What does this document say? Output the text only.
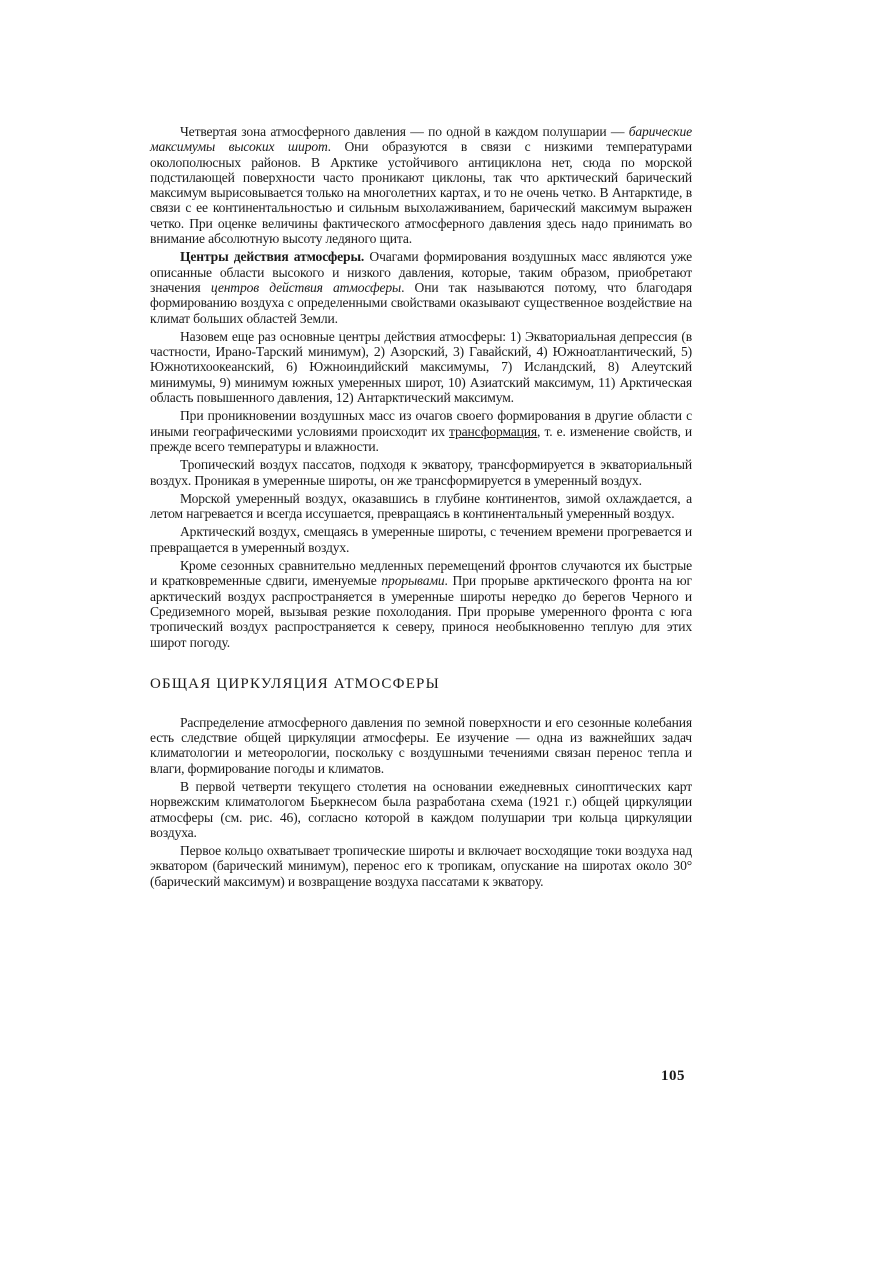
Четвертая зона атмосферного давления — по одной в каждом полушарии — барические максимумы высоких широт. Они образуются в связи с низкими температурами околополюсных районов. В Арктике устойчивого антициклона нет, сюда по морской подстилающей поверхности часто проникают циклоны, так что арктический барический максимум вырисовывается только на многолетних картах, и то не очень четко. В Антарктиде, в связи с ее континентальностью и сильным выхолаживанием, барический максимум выражен четко. При оценке величины фактического атмосферного давления здесь надо принимать во внимание абсолютную высоту ледяного щита.

Центры действия атмосферы. Очагами формирования воздушных масс являются уже описанные области высокого и низкого давления, которые, таким образом, приобретают значения центров действия атмосферы. Они так называются потому, что благодаря формированию воздуха с определенными свойствами оказывают существенное воздействие на климат больших областей Земли.

Назовем еще раз основные центры действия атмосферы: 1) Экваториальная депрессия (в частности, Ирано-Тарский минимум), 2) Азорский, 3) Гавайский, 4) Южноатлантический, 5) Южнотихоокеанский, 6) Южноиндийский максимумы, 7) Исландский, 8) Алеутский минимумы, 9) минимум южных умеренных широт, 10) Азиатский максимум, 11) Арктическая область повышенного давления, 12) Антарктический максимум.

При проникновении воздушных масс из очагов своего формирования в другие области с иными географическими условиями происходит их трансформация, т. е. изменение свойств, и прежде всего температуры и влажности.

Тропический воздух пассатов, подходя к экватору, трансформируется в экваториальный воздух. Проникая в умеренные широты, он же трансформируется в умеренный воздух.

Морской умеренный воздух, оказавшись в глубине континентов, зимой охлаждается, а летом нагревается и всегда иссушается, превращаясь в континентальный умеренный воздух.

Арктический воздух, смещаясь в умеренные широты, с течением времени прогревается и превращается в умеренный воздух.

Кроме сезонных сравнительно медленных перемещений фронтов случаются их быстрые и кратковременные сдвиги, именуемые прорывами. При прорыве арктического фронта на юг арктический воздух распространяется в умеренные широты нередко до берегов Черного и Средиземного морей, вызывая резкие похолодания. При прорыве умеренного фронта с юга тропический воздух распространяется к северу, принося необыкновенно теплую для этих широт погоду.

ОБЩАЯ ЦИРКУЛЯЦИЯ АТМОСФЕРЫ

Распределение атмосферного давления по земной поверхности и его сезонные колебания есть следствие общей циркуляции атмосферы. Ее изучение — одна из важнейших задач климатологии и метеорологии, поскольку с воздушными течениями связан перенос тепла и влаги, формирование погоды и климатов.

В первой четверти текущего столетия на основании ежедневных синоптических карт норвежским климатологом Бьеркнесом была разработана схема (1921 г.) общей циркуляции атмосферы (см. рис. 46), согласно которой в каждом полушарии три кольца циркуляции воздуха.

Первое кольцо охватывает тропические широты и включает восходящие токи воздуха над экватором (барический минимум), перенос его к тропикам, опускание на широтах около 30° (барический максимум) и возвращение воздуха пассатами к экватору.

105
